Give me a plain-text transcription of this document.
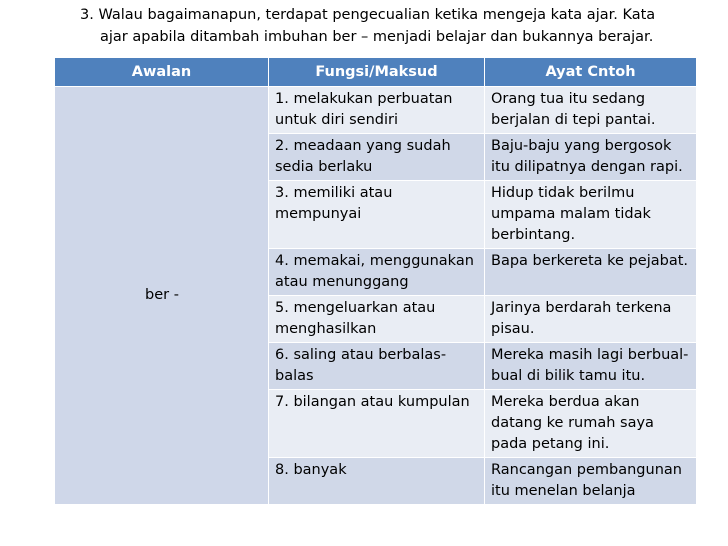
3. Walau bagaimanapun, terdapat pengecualian ketika mengeja kata ajar. Kata
ajar apabila ditambah imbuhan ber – menjadi belajar dan bukannya berajar.
Awalan	Fungsi/Maksud	Ayat Cntoh
ber -	1. melakukan perbuatan untuk diri sendiri	Orang tua itu sedang berjalan di tepi pantai.
	2. meadaan yang sudah sedia berlaku	Baju-baju yang bergosok itu dilipatnya dengan rapi.
	3. memiliki atau mempunyai	Hidup tidak berilmu umpama malam tidak berbintang.
	4. memakai, menggunakan atau menunggang	Bapa berkereta ke pejabat.
	5. mengeluarkan atau menghasilkan	Jarinya berdarah terkena pisau.
	6. saling atau berbalas-balas	Mereka masih lagi berbual-bual di bilik tamu itu.
	7. bilangan atau kumpulan	Mereka berdua akan datang ke rumah saya pada petang ini.
	8. banyak	Rancangan pembangunan itu menelan belanja
